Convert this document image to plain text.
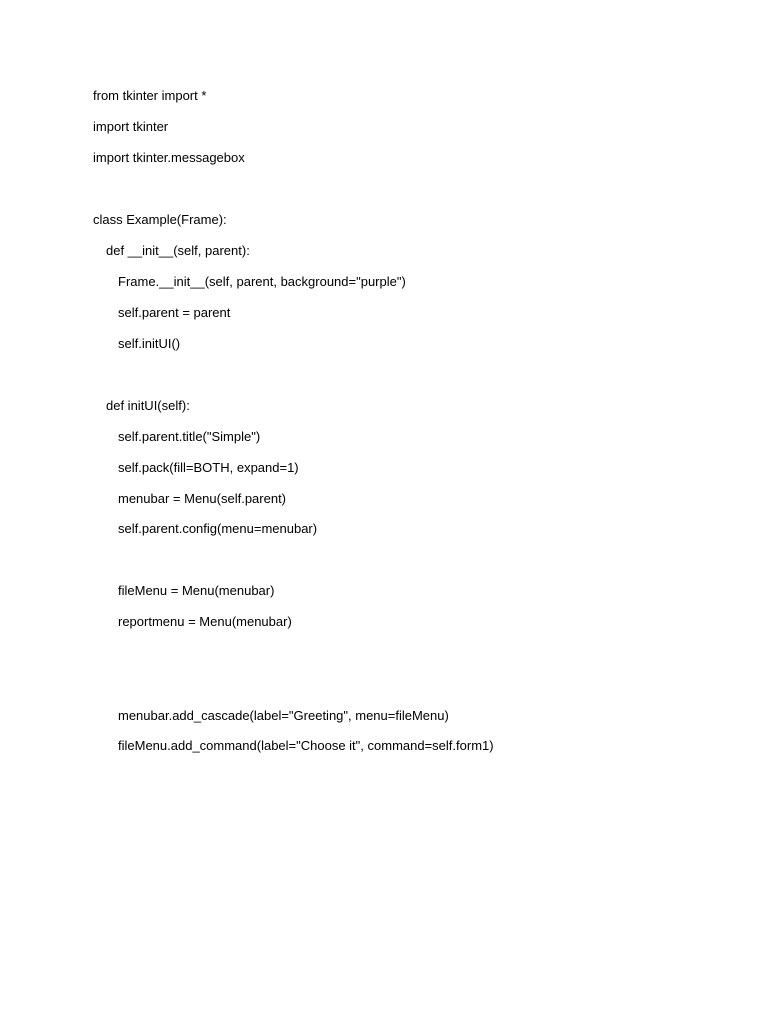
from tkinter import *

import tkinter

import tkinter.messagebox

class Example(Frame):

def __init__(self, parent):

Frame.__init__(self, parent, background="purple")

self.parent = parent

self.initUI()

def initUI(self):

self.parent.title("Simple")

self.pack(fill=BOTH, expand=1)

menubar = Menu(self.parent)

self.parent.config(menu=menubar)

fileMenu = Menu(menubar)

reportmenu = Menu(menubar)

menubar.add_cascade(label="Greeting", menu=fileMenu)

fileMenu.add_command(label="Choose it", command=self.form1)
